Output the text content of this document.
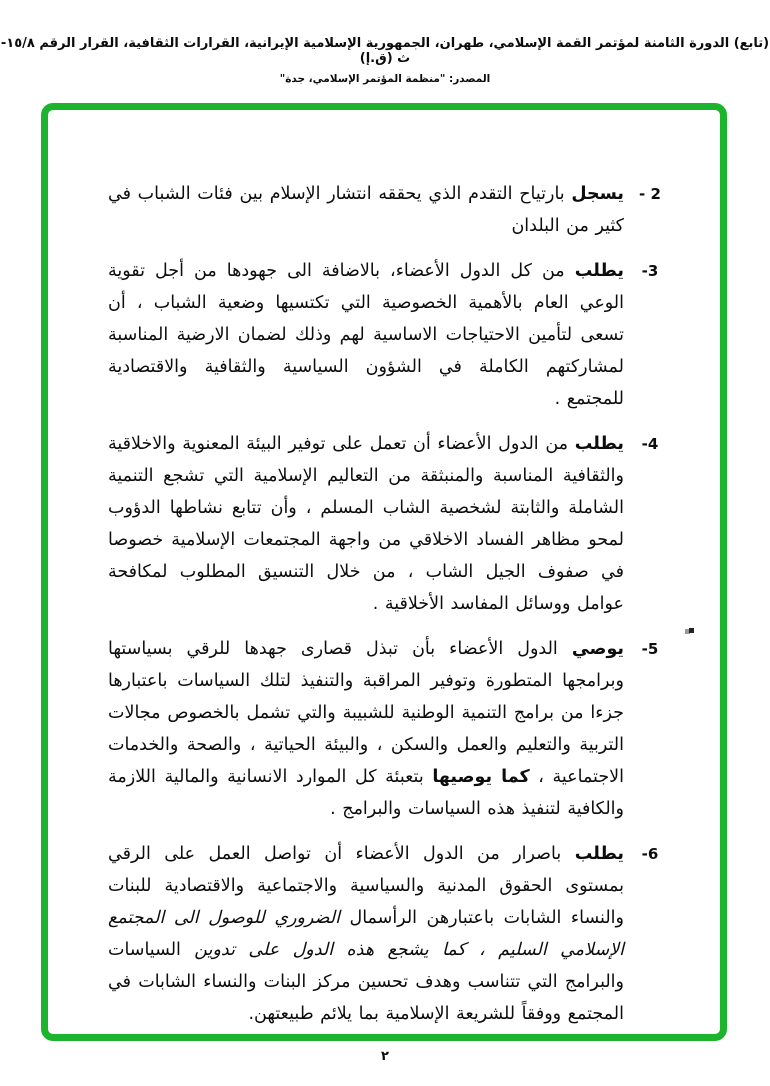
(تابع) الدورة الثامنة لمؤتمر القمة الإسلامي، طهران، الجمهورية الإسلامية الإيرانية، القرارات الثقافية، القرار الرقم ١٥/٨-ث (ق.إ)
المصدر: "منظمة المؤتمر الإسلامي، جدة"
2 -
يسجل بارتياح التقدم الذي يحققه انتشار الإسلام بين فئات الشباب في كثير من البلدان
3-
يطلب من كل الدول الأعضاء، بالاضافة الى جهودها من أجل تقوية الوعي العام بالأهمية الخصوصية التي تكتسيها وضعية الشباب ، أن تسعى لتأمين الاحتياجات الاساسية لهم وذلك لضمان الارضية المناسبة لمشاركتهم الكاملة في الشؤون السياسية والثقافية والاقتصادية للمجتمع .
4-
يطلب من الدول الأعضاء أن تعمل على توفير البيئة المعنوية والاخلاقية والثقافية المناسبة والمنبثقة من التعاليم الإسلامية التي تشجع التنمية الشاملة والثابتة لشخصية الشاب المسلم ، وأن تتابع نشاطها الدؤوب لمحو مظاهر الفساد الاخلاقي من واجهة المجتمعات الإسلامية خصوصا في صفوف الجيل الشاب ، من خلال التنسيق المطلوب لمكافحة عوامل ووسائل المفاسد الأخلاقية .
5-
يوصي الدول الأعضاء بأن تبذل قصارى جهدها للرقي بسياستها وبرامجها المتطورة وتوفير المراقبة والتنفيذ لتلك السياسات باعتبارها جزءا من برامج التنمية الوطنية للشبيبة والتي تشمل بالخصوص مجالات التربية والتعليم والعمل والسكن ، والبيئة الحياتية ، والصحة والخدمات الاجتماعية ، كما يوصيها بتعبئة كل الموارد الانسانية والمالية اللازمة والكافية لتنفيذ هذه السياسات والبرامج .
6-
يطلب باصرار من الدول الأعضاء أن تواصل العمل على الرقي بمستوى الحقوق المدنية والسياسية والاجتماعية والاقتصادية للبنات والنساء الشابات باعتبارهن الرأسمال الضروري للوصول الى المجتمع الإسلامي السليم ، كما يشجع هذه الدول على تدوين السياسات والبرامج التي تتناسب وهدف تحسين مركز البنات والنساء الشابات في المجتمع ووفقاً للشريعة الإسلامية بما يلائم طبيعتهن.
٢
